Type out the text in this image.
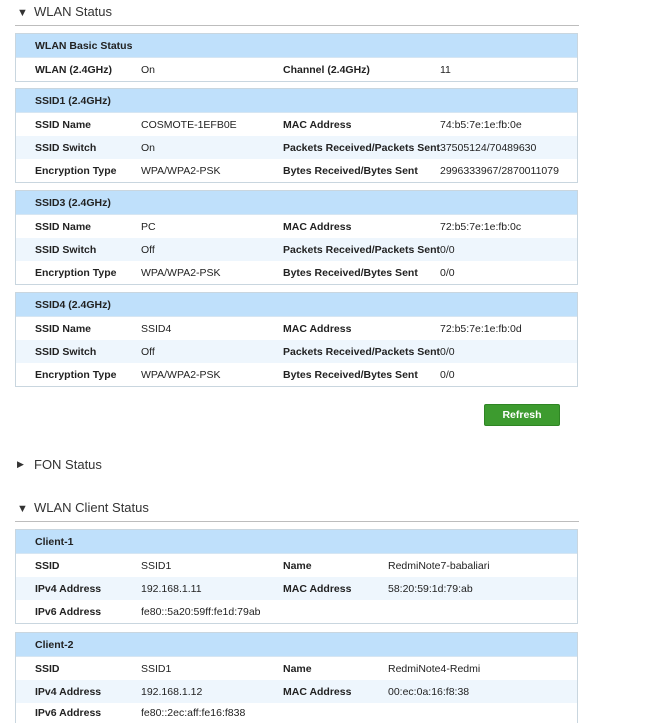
▼ WLAN Status
WLAN Basic Status
WLAN (2.4GHz)	On	Channel (2.4GHz)	11
SSID1 (2.4GHz)
SSID Name	COSMOTE-1EFB0E	MAC Address	74:b5:7e:1e:fb:0e
SSID Switch	On	Packets Received/Packets Sent 37505124/70489630
Encryption Type WPA/WPA2-PSK	Bytes Received/Bytes Sent 2996333967/2870011079
SSID3 (2.4GHz)
SSID Name	PC	MAC Address	72:b5:7e:1e:fb:0c
SSID Switch	Off	Packets Received/Packets Sent 0/0
Encryption Type WPA/WPA2-PSK	Bytes Received/Bytes Sent 0/0
SSID4 (2.4GHz)
SSID Name	SSID4	MAC Address	72:b5:7e:1e:fb:0d
SSID Switch	Off	Packets Received/Packets Sent 0/0
Encryption Type WPA/WPA2-PSK	Bytes Received/Bytes Sent 0/0
Refresh
▶ FON Status
▼ WLAN Client Status
Client-1
SSID	SSID1	Name	RedmiNote7-babaliari
IPv4 Address	192.168.1.11	MAC Address	58:20:59:1d:79:ab
IPv6 Address	fe80::5a20:59ff:fe1d:79ab
Client-2
SSID	SSID1	Name	RedmiNote4-Redmi
IPv4 Address	192.168.1.12	MAC Address	00:ec:0a:16:f8:38
IPv6 Address	fe80::2ec:aff:fe16:f838
